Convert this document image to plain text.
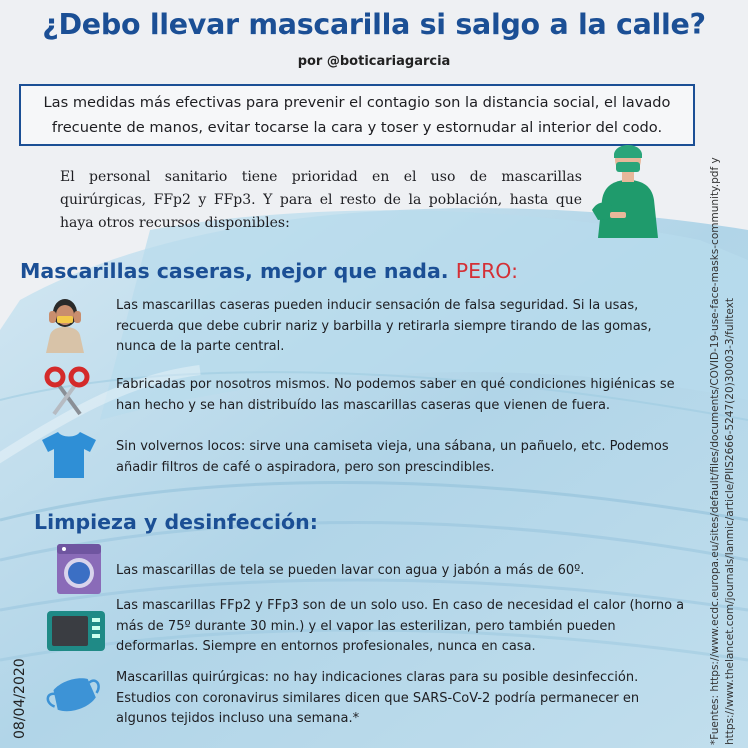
¿Debo llevar mascarilla si salgo a la calle?
por @boticariagarcia
Las medidas más efectivas para prevenir el contagio son la distancia social, el lavado frecuente de manos, evitar tocarse la cara y toser y estornudar al interior del codo.
El personal sanitario tiene prioridad en el uso de mascarillas quirúrgicas, FFp2 y FFp3. Y para el resto de la población, hasta que haya otros recursos disponibles:
Mascarillas caseras, mejor que nada. PERO:
Las mascarillas caseras pueden inducir sensación de falsa seguridad. Si la usas, recuerda que debe cubrir nariz y barbilla y retirarla siempre tirando de las gomas, nunca de la parte central.
Fabricadas por nosotros mismos. No podemos saber en qué condiciones higiénicas se han hecho y se han distribuído las mascarillas caseras que vienen de fuera.
Sin volvernos locos: sirve una camiseta vieja, una sábana, un pañuelo, etc. Podemos añadir filtros de café o aspiradora, pero son prescindibles.
Limpieza y desinfección:
Las mascarillas de tela se pueden lavar con agua y jabón a más de 60º.
Las mascarillas FFp2 y FFp3 son de un solo uso. En caso de necesidad el calor (horno a más de 75º durante 30 min.) y el vapor las esterilizan, pero también pueden deformarlas. Siempre en entornos profesionales, nunca en casa.
Mascarillas quirúrgicas: no hay indicaciones claras para su posible desinfección. Estudios con coronavirus similares dicen que SARS-CoV-2 podría permanecer en algunos tejidos incluso una semana.*	*Fuentes: https://www.ecdc.europa.eu/sites/default/files/documents/COVID-19-use-face-masks-community.pdf y https://www.thelancet.com/journals/lanmic/article/PIIS2666-5247(20)30003-3/fulltext
08/04/2020
